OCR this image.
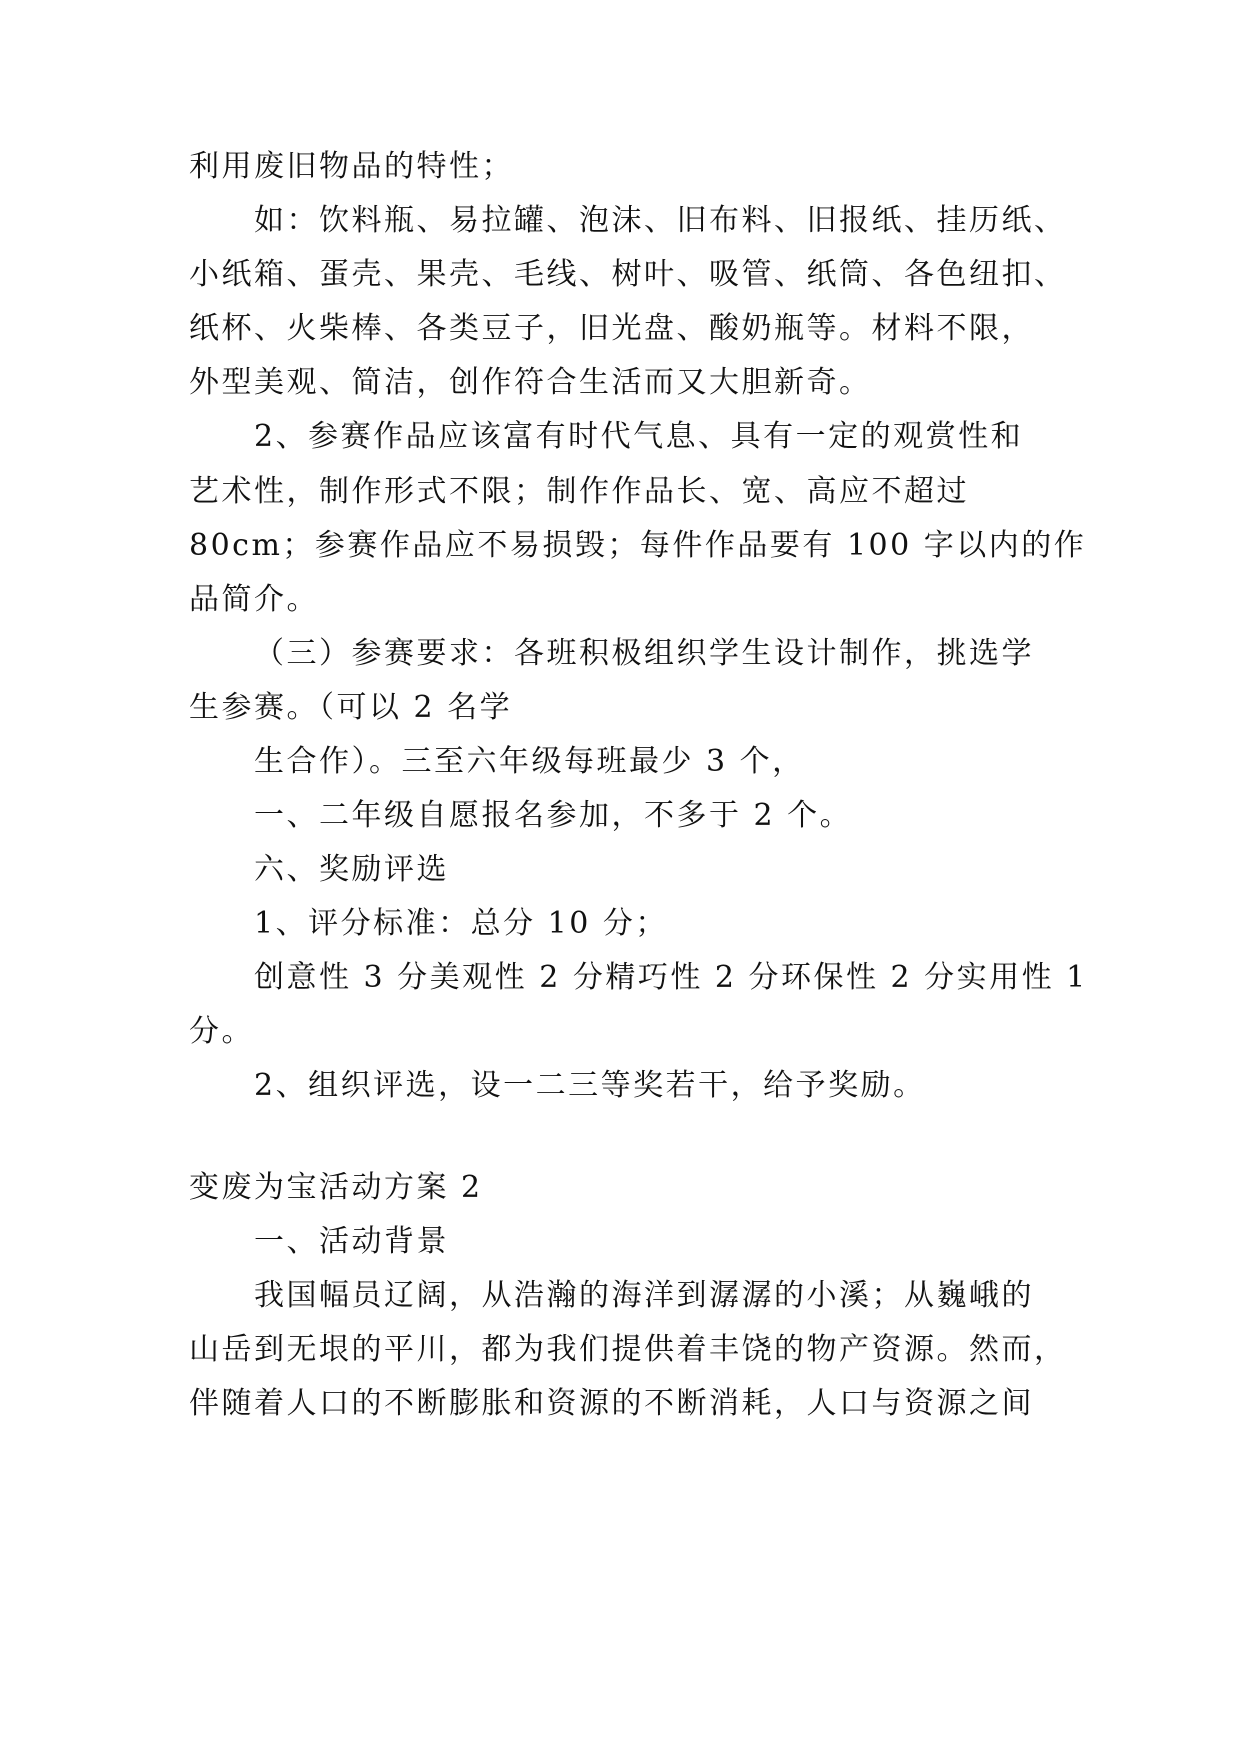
利用废旧物品的特性；
如：饮料瓶、易拉罐、泡沫、旧布料、旧报纸、挂历纸、
小纸箱、蛋壳、果壳、毛线、树叶、吸管、纸筒、各色纽扣、
纸杯、火柴棒、各类豆子，旧光盘、酸奶瓶等。材料不限，
外型美观、简洁，创作符合生活而又大胆新奇。
2、参赛作品应该富有时代气息、具有一定的观赏性和
艺术性，制作形式不限；制作作品长、宽、高应不超过
80cm；参赛作品应不易损毁；每件作品要有 100 字以内的作
品简介。
（三）参赛要求：各班积极组织学生设计制作，挑选学
生参赛。（可以 2 名学
生合作）。三至六年级每班最少 3 个，
一、二年级自愿报名参加，不多于 2 个。
六、奖励评选
1、评分标准：总分 10 分；
创意性 3 分美观性 2 分精巧性 2 分环保性 2 分实用性 1
分。
2、组织评选，设一二三等奖若干，给予奖励。
变废为宝活动方案 2
一、活动背景
我国幅员辽阔，从浩瀚的海洋到潺潺的小溪；从巍峨的
山岳到无垠的平川，都为我们提供着丰饶的物产资源。然而，
伴随着人口的不断膨胀和资源的不断消耗，人口与资源之间
